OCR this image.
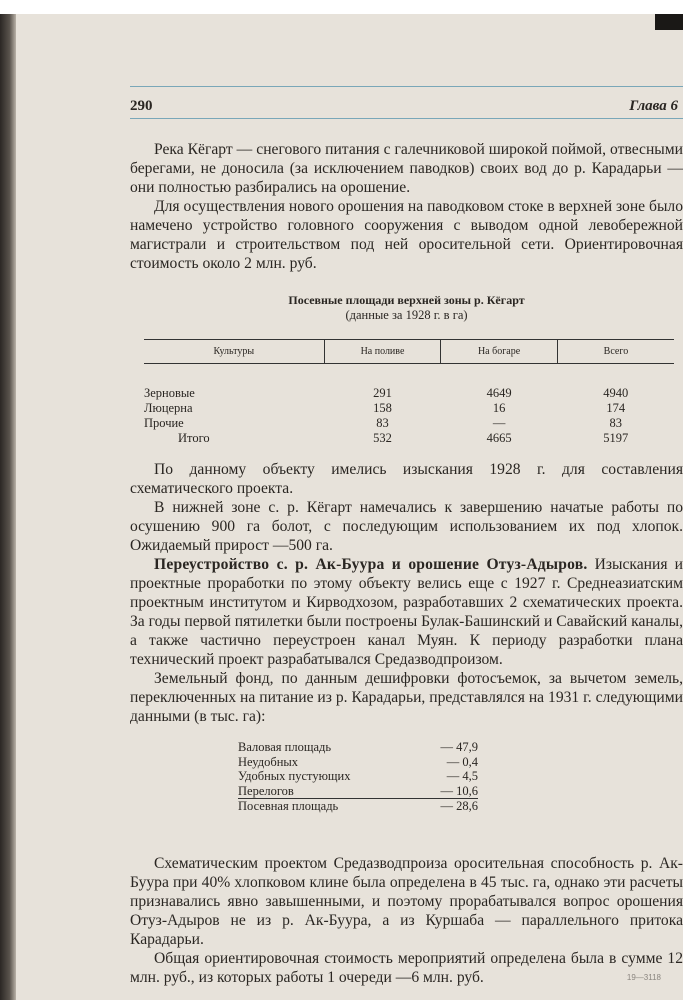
290	Глава 6

Река Кёгарт — снегового питания с галечниковой широкой поймой, отвесными берегами, не доносила (за исключением паводков) своих вод до р. Карадарьи — они полностью разбирались на орошение.

Для осуществления нового орошения на паводковом стоке в верхней зоне было намечено устройство головного сооружения с выводом одной левобережной магистрали и строительством под ней оросительной сети. Ориентировочная стоимость около 2 млн. руб.

Посевные площади верхней зоны р. Кёгарт
(данные за 1928 г. в га)
Культуры	На поливе	На богаре	Всего
Зерновые	291	4649	4940
Люцерна	158	16	174
Прочие	83	—	83
Итого	532	4665	5197

По данному объекту имелись изыскания 1928 г. для составления схематического проекта.

В нижней зоне с. р. Кёгарт намечались к завершению начатые работы по осушению 900 га болот, с последующим использованием их под хлопок. Ожидаемый прирост —500 га.

Переустройство с. р. Ак-Буура и орошение Отуз-Адыров. Изыскания и проектные проработки по этому объекту велись еще с 1927 г. Среднеазиатским проектным институтом и Кирводхозом, разработавших 2 схематических проекта. За годы первой пятилетки были построены Булак-Башинский и Савайский каналы, а также частично переустроен канал Муян. К периоду разработки плана технический проект разрабатывался Средазводпроизом.

Земельный фонд, по данным дешифровки фотосъемок, за вычетом земель, переключенных на питание из р. Карадарьи, представлялся на 1931 г. следующими данными (в тыс. га):

Валовая площадь	— 47,9
Неудобных	— 0,4
Удобных пустующих	— 4,5
Перелогов	— 10,6
Посевная площадь	— 28,6

Схематическим проектом Средазводпроиза оросительная способность р. Ак-Буура при 40% хлопковом клине была определена в 45 тыс. га, однако эти расчеты признавались явно завышенными, и поэтому прорабатывался вопрос орошения Отуз-Адыров не из р. Ак-Буура, а из Куршаба — параллельного притока Карадарьи.

Общая ориентировочная стоимость мероприятий определена была в сумме 12 млн. руб., из которых работы 1 очереди —6 млн. руб.	19—3118
